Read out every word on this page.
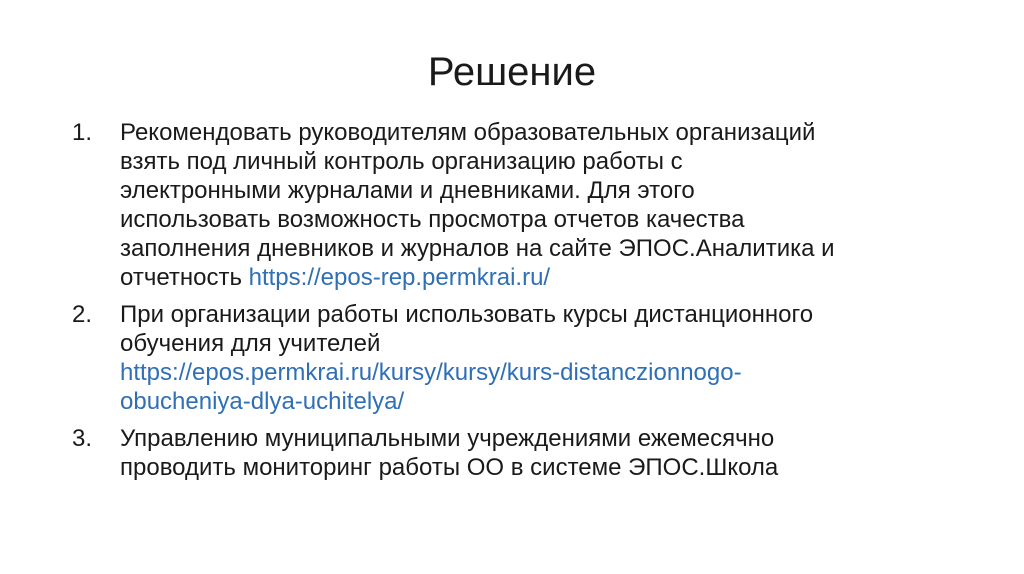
Решение
1.	Рекомендовать руководителям образовательных организаций
взять под личный контроль организацию работы с
электронными журналами и дневниками. Для этого
использовать возможность просмотра отчетов качества
заполнения дневников и журналов на сайте ЭПОС.Аналитика и
отчетность https://epos-rep.permkrai.ru/
2.	При организации работы использовать курсы дистанционного
обучения для учителей
https://epos.permkrai.ru/kursy/kursy/kurs-distanczionnogo-
obucheniya-dlya-uchitelya/
3.	Управлению муниципальными учреждениями ежемесячно
проводить мониторинг работы ОО в системе ЭПОС.Школа
